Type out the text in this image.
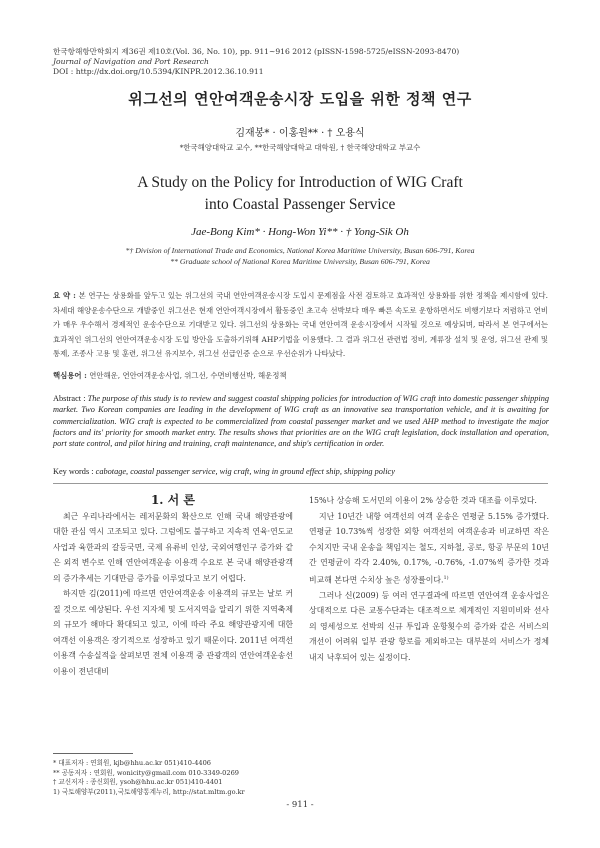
한국항해항만학회지 제36권 제10호(Vol. 36, No. 10), pp. 911~916 2012 (pISSN-1598-5725/eISSN-2093-8470)
Journal of Navigation and Port Research
DOI : http://dx.doi.org/10.5394/KINPR.2012.36.10.911
위그선의 연안여객운송시장 도입을 위한 정책 연구
김재봉* · 이홍원** · † 오용식
*한국해양대학교 교수, **한국해양대학교 대학원, † 한국해양대학교 부교수
A Study on the Policy for Introduction of WIG Craft
into Coastal Passenger Service
Jae-Bong Kim* · Hong-Won Yi** · † Yong-Sik Oh
*† Division of International Trade and Economics, National Korea Maritime University, Busan 606-791, Korea
** Graduate school of National Korea Maritime University, Busan 606-791, Korea
요 약 : 본 연구는 상용화를 앞두고 있는 위그선의 국내 연안여객운송시장 도입시 문제점을 사전 검토하고 효과적인 상용화를 위한 정책을 제시함에 있다. 차세대 해양운송수단으로 개발중인 위그선은 현재 연안여객시장에서 활동중인 초고속 선박보다 매우 빠른 속도로 운항하면서도 비행기보다 저렴하고 연비가 매우 우수해서 경제적인 운송수단으로 기대받고 있다. 위그선의 상용화는 국내 연안여객 운송시장에서 시작될 것으로 예상되며, 따라서 본 연구에서는 효과적인 위그선의 연안여객운송시장 도입 방안을 도출하기위해 AHP기법을 이용했다. 그 결과 위그선 관련법 정비, 계류장 설치 및 운영, 위그선 관제 및 통제, 조종사 고용 및 훈련, 위그선 유지보수, 위그선 선급인증 순으로 우선순위가 나타났다.
핵심용어 : 연안해운, 연안여객운송사업, 위그선, 수면비행선박, 해운정책
Abstract : The purpose of this study is to review and suggest coastal shipping policies for introduction of WIG craft into domestic passenger shipping market. Two Korean companies are leading in the development of WIG craft as an innovative sea transportation vehicle, and it is awaiting for commercialization. WIG craft is expected to be commercialized from coastal passenger market and we used AHP method to investigate the major factors and its' priority for smooth market entry. The results shows that priorities are on the WIG craft legislation, dock installation and operation, port state control, and pilot hiring and training, craft maintenance, and ship's certification in order.
Key words : cabotage, coastal passenger service, wig craft, wing in ground effect ship, shipping policy

1. 서 론

최근 우리나라에서는 레저문화의 확산으로 인해 국내 해양관광에 대한 관심 역시 고조되고 있다. 그럼에도 불구하고 지속적 연육·연도교 사업과 육한과의 갈등국면, 국제 유류비 인상, 국외여행인구 증가와 같은 외적 변수로 인해 연안여객운송 이용객 수요로 본 국내 해양관광객의 증가추세는 기대만큼 증가를 이루었다고 보기 어렵다.

하지만 김(2011)에 따르면 연안여객운송 이용객의 규모는 날로 커질 것으로 예상된다. 우선 지자체 및 도서지역을 알리기 위한 지역축제의 규모가 해마다 확대되고 있고, 이에 따라 주요 해양관광지에 대한 여객선 이용객은 장기적으로 성장하고 있기 때문이다. 2011년 여객선 이용객 수송실적을 살펴보면 전체 이용객 중 관광객의 연안여객운송선 이용이 전년대비

15%나 상승해 도서민의 이용이 2% 상승한 것과 대조를 이루었다.

지난 10년간 내항 여객선의 여객 운송은 연평균 5.15% 증가했다. 연평균 10.73%씩 성장한 외항 여객선의 여객운송과 비교하면 작은 수치지만 국내 운송을 책임지는 철도, 지하철, 공로, 항공 부문의 10년간 연평균이 각각 2.40%, 0.17%, -0.76%, -1.07%씩 증가한 것과 비교해 본다면 수치상 높은 성장률이다.$^{1)}$

그러나 신(2009) 등 여러 연구결과에 따르면 연안여객 운송사업은 상대적으로 다른 교통수단과는 대조적으로 체계적인 지원미비와 선사의 영세성으로 선박의 신규 투입과 운항횟수의 증가와 같은 서비스의 개선이 어려워 일부 관광 항로를 제외하고는 대부분의 서비스가 정체 내지 낙후되어 있는 실정이다.

* 대표저자 : 연회원, kjb@hhu.ac.kr 051)410-4406
** 공동저자 : 연회원, wonicity@gmail.com 010-3349-0269
† 교신저자 : 종신회원, ysoh@hhu.ac.kr 051)410-4401
1) 국토해양부(2011),국토해양통계누리, http://stat.mltm.go.kr
- 911 -
